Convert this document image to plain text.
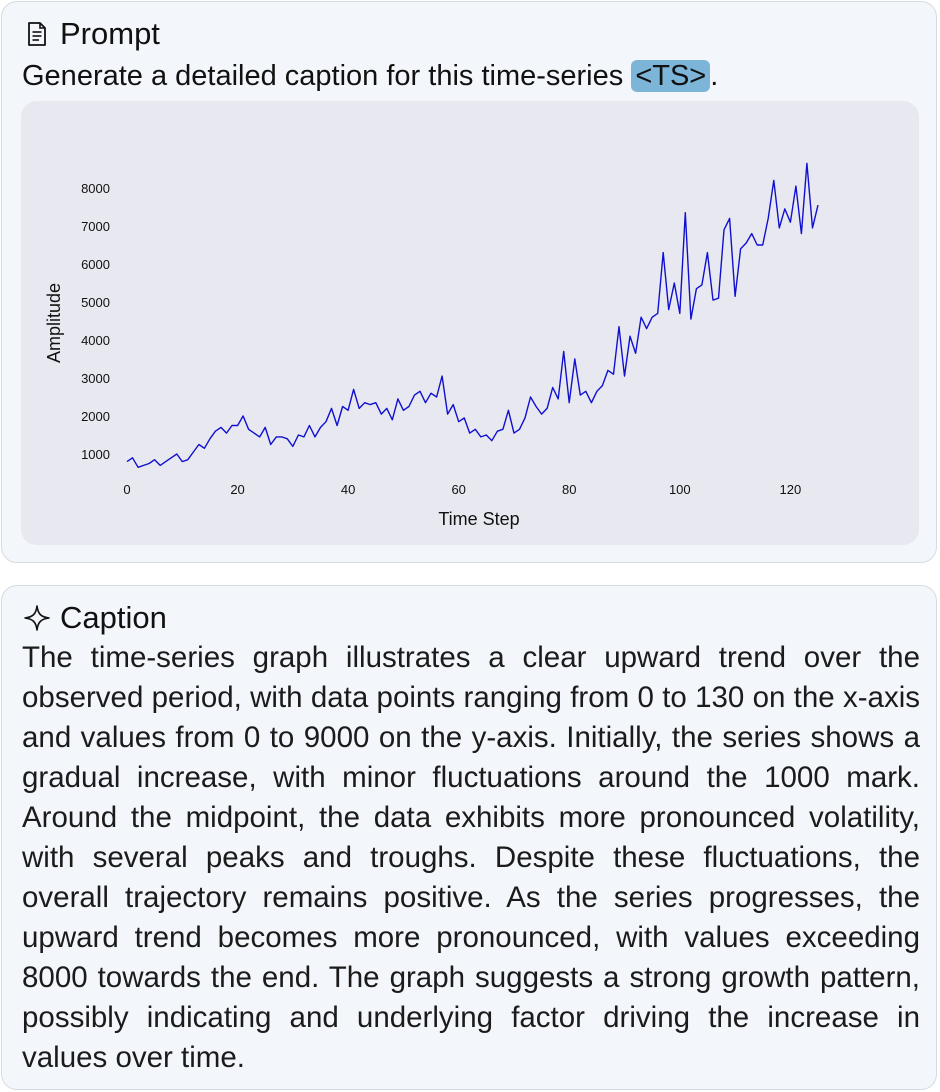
Prompt
Generate a detailed caption for this time-series <TS> .
1000
2000
3000
4000
5000
6000
7000
8000
0	20	40	60	80	100	120
Time Step
Amplitude
Caption
The time-series graph illustrates a clear upward trend over the observed period, with data points ranging from 0 to 130 on the x-axis and values from 0 to 9000 on the y-axis. Initially, the series shows a gradual increase, with minor fluctuations around the 1000 mark. Around the midpoint, the data exhibits more pronounced volatility, with several peaks and troughs. Despite these fluctuations, the overall trajectory remains positive. As the series progresses, the upward trend becomes more pronounced, with values exceeding 8000 towards the end. The graph suggests a strong growth pattern, possibly indicating and underlying factor driving the increase in values over time.
